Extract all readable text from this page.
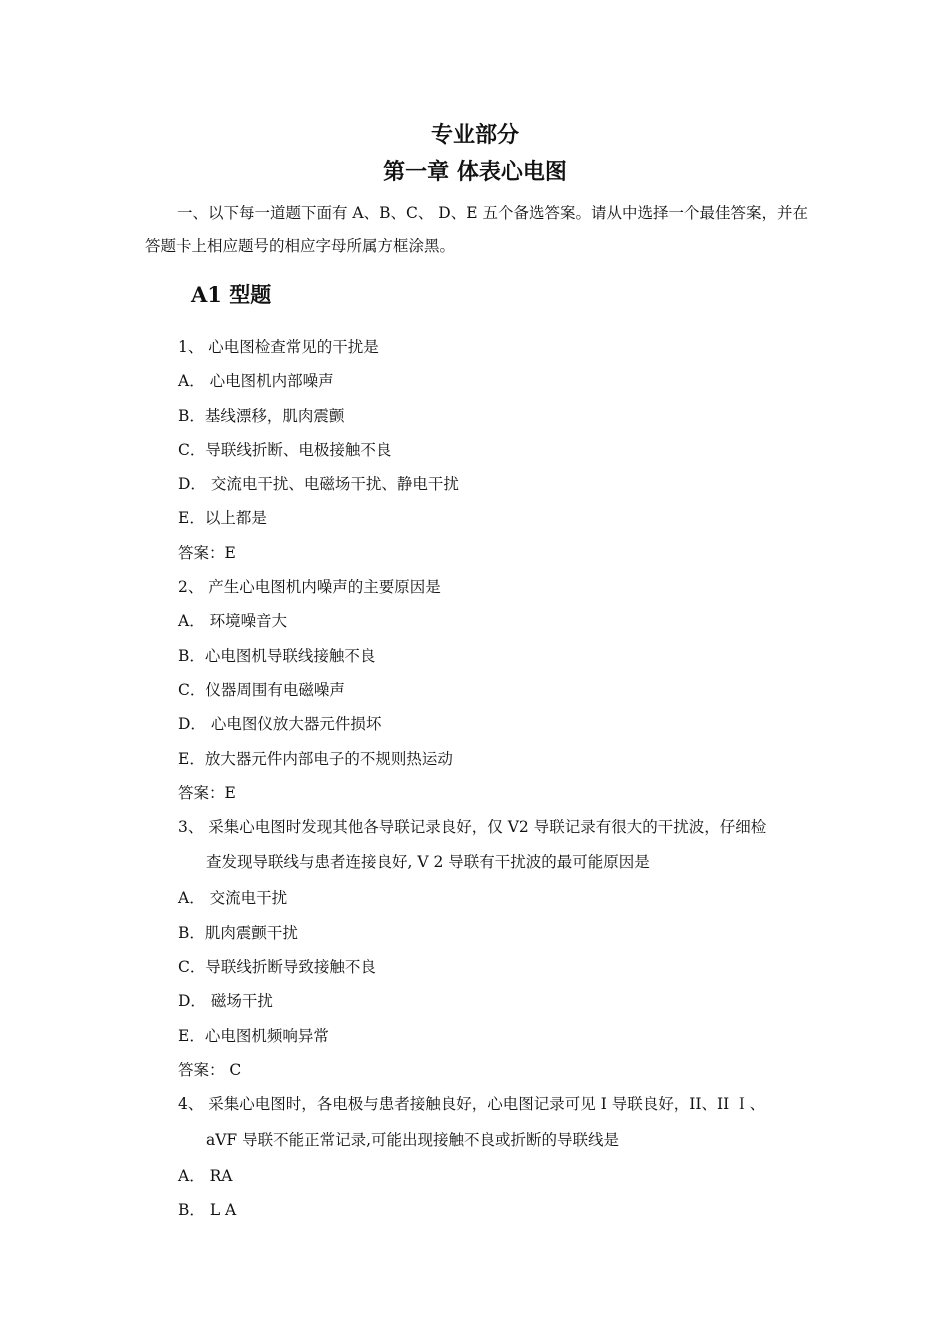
专业部分
第一章 体表心电图
一、以下每一道题下面有 A、B、C、 D、E 五个备选答案。请从中选择一个最佳答案，并在答题卡上相应题号的相应字母所属方框涂黑。
A1 型题
1、 心电图检查常见的干扰是
A． 心电图机内部噪声
B．基线漂移，肌肉震颤
C．导联线折断、电极接触不良
D． 交流电干扰、电磁场干扰、静电干扰
E．以上都是
答案：E
2、 产生心电图机内噪声的主要原因是
A． 环境噪音大
B．心电图机导联线接触不良
C．仪器周围有电磁噪声
D． 心电图仪放大器元件损坏
E．放大器元件内部电子的不规则热运动
答案：E
3、 采集心电图时发现其他各导联记录良好，仅 V2 导联记录有很大的干扰波，仔细检
查发现导联线与患者连接良好, V 2 导联有干扰波的最可能原因是
A． 交流电干扰
B．肌肉震颤干扰
C．导联线折断导致接触不良
D． 磁场干扰
E．心电图机频响异常
答案： C
4、 采集心电图时，各电极与患者接触良好，心电图记录可见 I 导联良好，II、II Ｉ、
aVF 导联不能正常记录,可能出现接触不良或折断的导联线是
A． RA
B． L A
